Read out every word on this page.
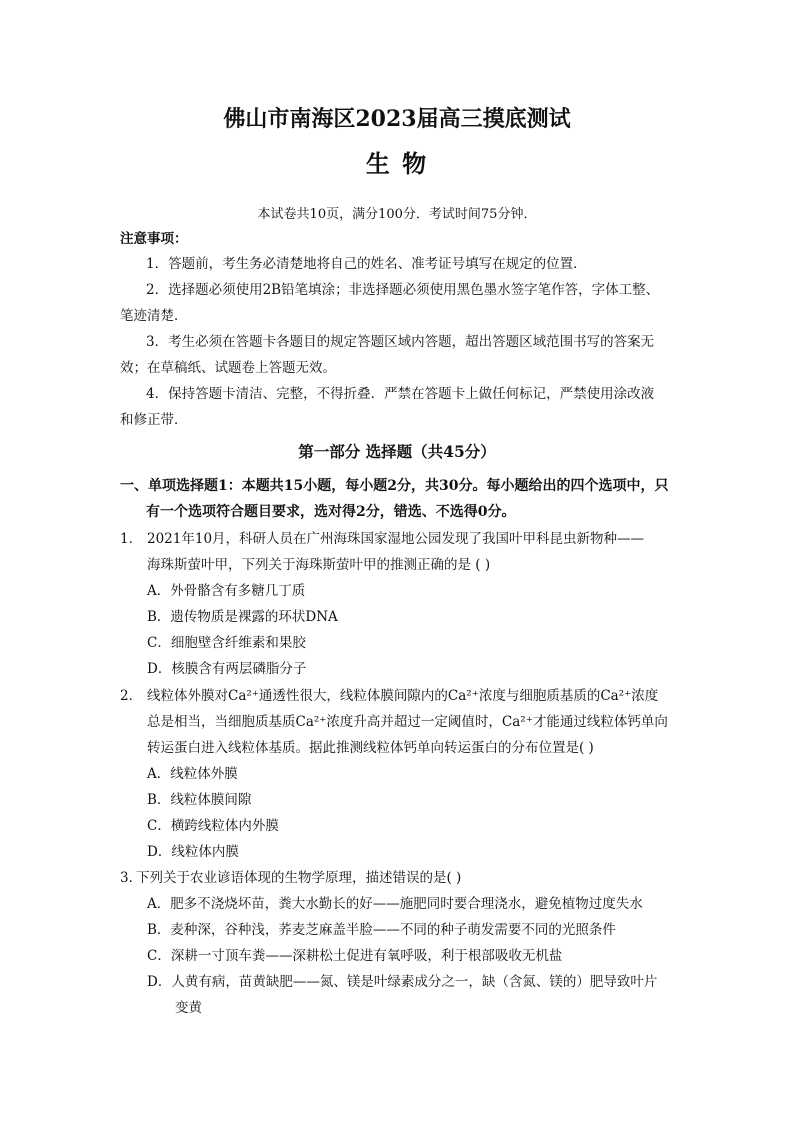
佛山市南海区2023届高三摸底测试
生 物
本试卷共10页，满分100分．考试时间75分钟．
注意事项：
1．答题前，考生务必清楚地将自己的姓名、准考证号填写在规定的位置．
2．选择题必须使用2B铅笔填涂；非选择题必须使用黑色墨水签字笔作答，字体工整、
笔迹清楚．
3．考生必须在答题卡各题目的规定答题区域内答题，超出答题区域范围书写的答案无
效；在草稿纸、试题卷上答题无效。
4．保持答题卡清洁、完整，不得折叠．严禁在答题卡上做任何标记，严禁使用涂改液
和修正带．
第一部分 选择题（共45分）
一、单项选择题1：本题共15小题，每小题2分，共30分。每小题给出的四个选项中，只
有一个选项符合题目要求，选对得2分，错选、不选得0分。
1． 2021年10月，科研人员在广州海珠国家湿地公园发现了我国叶甲科昆虫新物种——
海珠斯萤叶甲，下列关于海珠斯萤叶甲的推测正确的是 ( )
A．外骨骼含有多糖几丁质
B．遗传物质是裸露的环状DNA
C．细胞壁含纤维素和果胶
D．核膜含有两层磷脂分子
2． 线粒体外膜对Ca²⁺通透性很大，线粒体膜间隙内的Ca²⁺浓度与细胞质基质的Ca²⁺浓度
总是相当，当细胞质基质Ca²⁺浓度升高并超过一定阈值时，Ca²⁺才能通过线粒体钙单向
转运蛋白进入线粒体基质。据此推测线粒体钙单向转运蛋白的分布位置是( )
A．线粒体外膜
B．线粒体膜间隙
C．横跨线粒体内外膜
D．线粒体内膜
3．
下列关于农业谚语体现的生物学原理，描述错误的是( )
A．肥多不浇烧坏苗，粪大水勤长的好——施肥同时要合理浇水，避免植物过度失水
B．麦种深，谷种浅，荞麦芝麻盖半脸——不同的种子萌发需要不同的光照条件
C．深耕一寸顶车粪——深耕松土促进有氧呼吸，利于根部吸收无机盐
D．人黄有病，苗黄缺肥——氮、镁是叶绿素成分之一，缺（含氮、镁的）肥导致叶片
变黄
